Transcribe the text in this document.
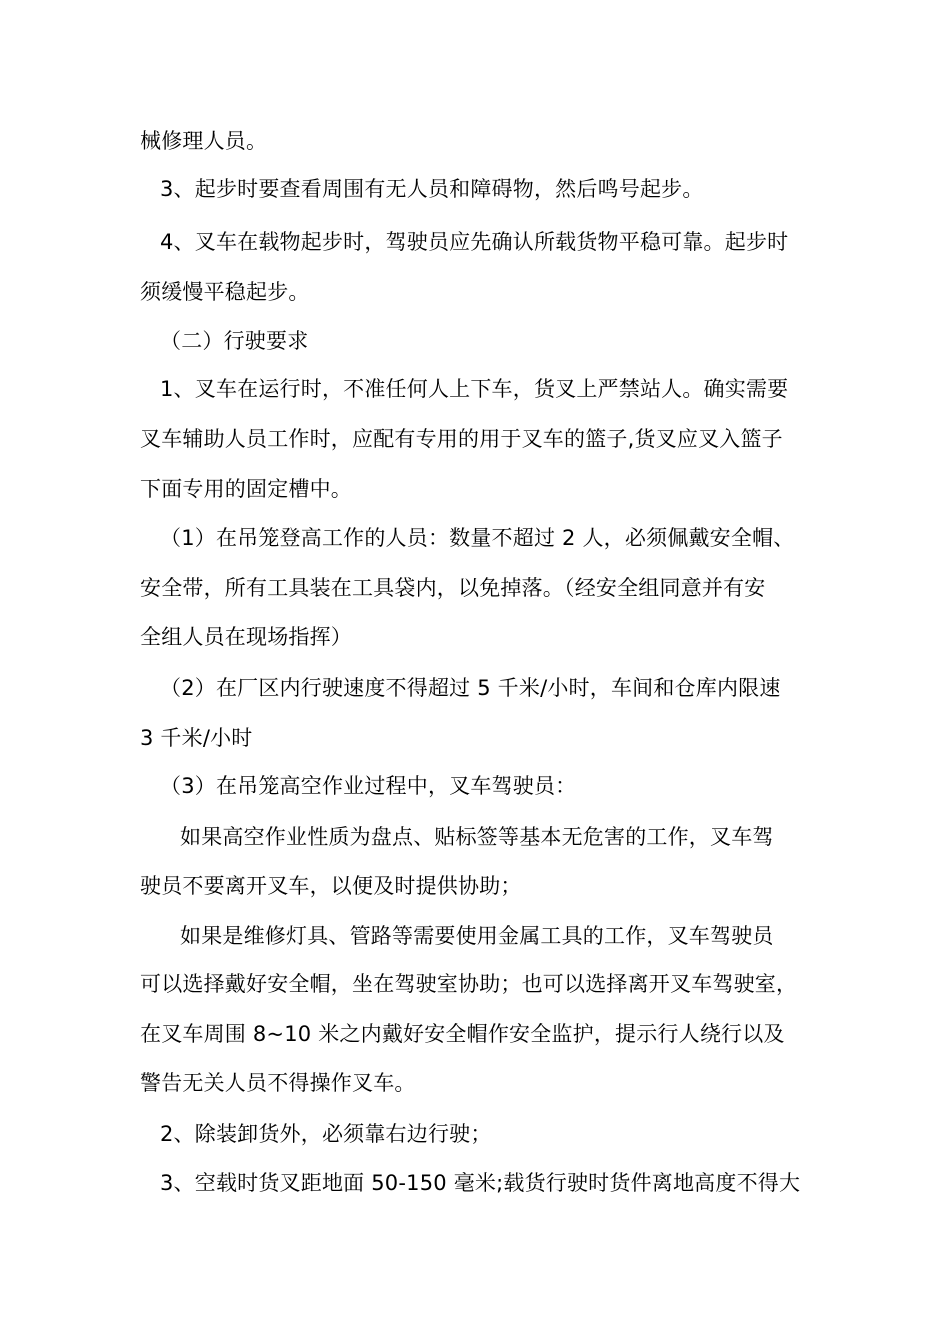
械修理人员。
3、起步时要查看周围有无人员和障碍物，然后鸣号起步。
4、叉车在载物起步时，驾驶员应先确认所载货物平稳可靠。起步时
须缓慢平稳起步。
（二）行驶要求
1、叉车在运行时，不准任何人上下车，货叉上严禁站人。确实需要
叉车辅助人员工作时，应配有专用的用于叉车的篮子,货叉应叉入篮子
下面专用的固定槽中。
（1）在吊笼登高工作的人员：数量不超过 2 人，必须佩戴安全帽、
安全带，所有工具装在工具袋内，以免掉落。（经安全组同意并有安
全组人员在现场指挥）
（2）在厂区内行驶速度不得超过 5 千米/小时，车间和仓库内限速
3 千米/小时
（3）在吊笼高空作业过程中，叉车驾驶员：
如果高空作业性质为盘点、贴标签等基本无危害的工作，叉车驾
驶员不要离开叉车，以便及时提供协助；
如果是维修灯具、管路等需要使用金属工具的工作，叉车驾驶员
可以选择戴好安全帽，坐在驾驶室协助；也可以选择离开叉车驾驶室，
在叉车周围 8~10 米之内戴好安全帽作安全监护，提示行人绕行以及
警告无关人员不得操作叉车。
2、除装卸货外，必须靠右边行驶；
3、空载时货叉距地面 50-150 毫米;载货行驶时货件离地高度不得大
